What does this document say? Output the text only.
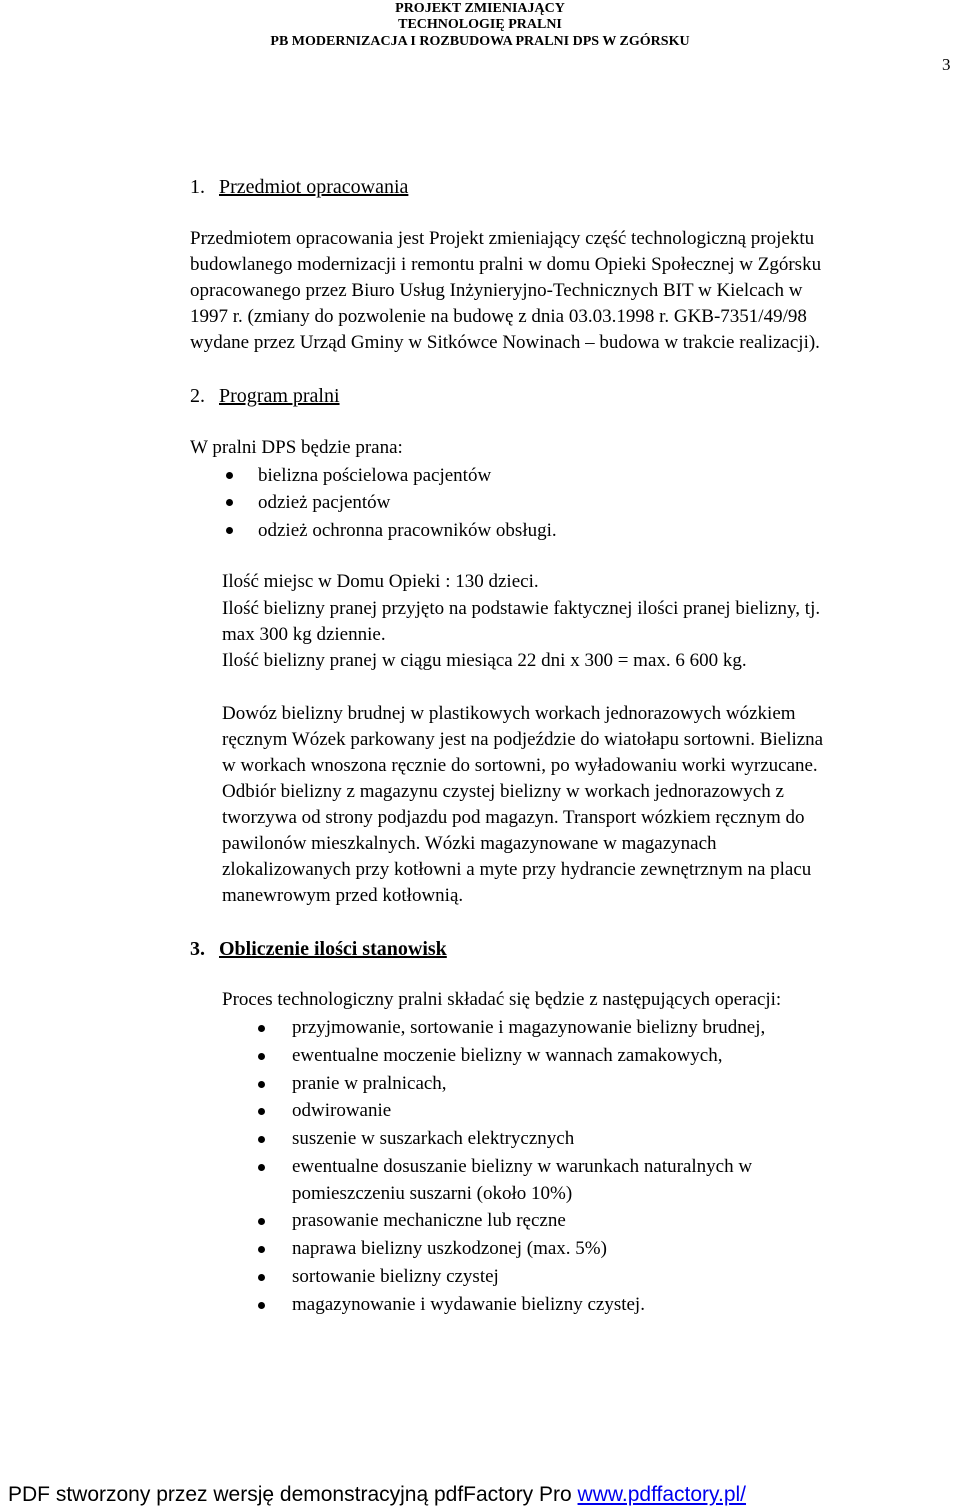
PROJEKT ZMIENIAJĄCY
TECHNOLOGIĘ PRALNI
PB MODERNIZACJA I ROZBUDOWA PRALNI DPS W ZGÓRSKU
3
1. Przedmiot opracowania
Przedmiotem opracowania jest Projekt zmieniający część technologiczną projektu
budowlanego modernizacji i remontu pralni w domu Opieki Społecznej w Zgórsku
opracowanego przez Biuro Usług Inżynieryjno-Technicznych BIT w Kielcach w
1997 r. (zmiany do pozwolenie na budowę z dnia 03.03.1998 r. GKB-7351/49/98
wydane przez Urząd Gminy w Sitkówce Nowinach – budowa w trakcie realizacji).
2. Program pralni
W pralni DPS będzie prana:
bielizna pościelowa pacjentów
odzież pacjentów
odzież ochronna pracowników obsługi.
Ilość miejsc w Domu Opieki : 130 dzieci.
Ilość bielizny pranej przyjęto na podstawie faktycznej ilości pranej bielizny, tj.
max 300 kg dziennie.
Ilość bielizny pranej w ciągu miesiąca 22 dni x 300 = max. 6 600 kg.
Dowóz bielizny brudnej w plastikowych workach jednorazowych wózkiem
ręcznym Wózek parkowany jest na podjeździe do wiatołapu sortowni. Bielizna
w workach wnoszona ręcznie do sortowni, po wyładowaniu worki wyrzucane.
Odbiór bielizny z magazynu czystej bielizny w workach jednorazowych z
tworzywa od strony podjazdu pod magazyn. Transport wózkiem ręcznym do
pawilonów mieszkalnych. Wózki magazynowane w magazynach
zlokalizowanych przy kotłowni a myte przy hydrancie zewnętrznym na placu
manewrowym przed kotłownią.
3. Obliczenie ilości stanowisk
Proces technologiczny pralni składać się będzie z następujących operacji:
przyjmowanie, sortowanie i magazynowanie bielizny brudnej,
ewentualne moczenie bielizny w wannach zamakowych,
pranie w pralnicach,
odwirowanie
suszenie w suszarkach elektrycznych
ewentualne dosuszanie bielizny w warunkach naturalnych w
pomieszczeniu suszarni (około 10%)
prasowanie mechaniczne lub ręczne
naprawa bielizny uszkodzonej (max. 5%)
sortowanie bielizny czystej
magazynowanie i wydawanie bielizny czystej.
PDF stworzony przez wersję demonstracyjną pdfFactory Pro www.pdffactory.pl/
